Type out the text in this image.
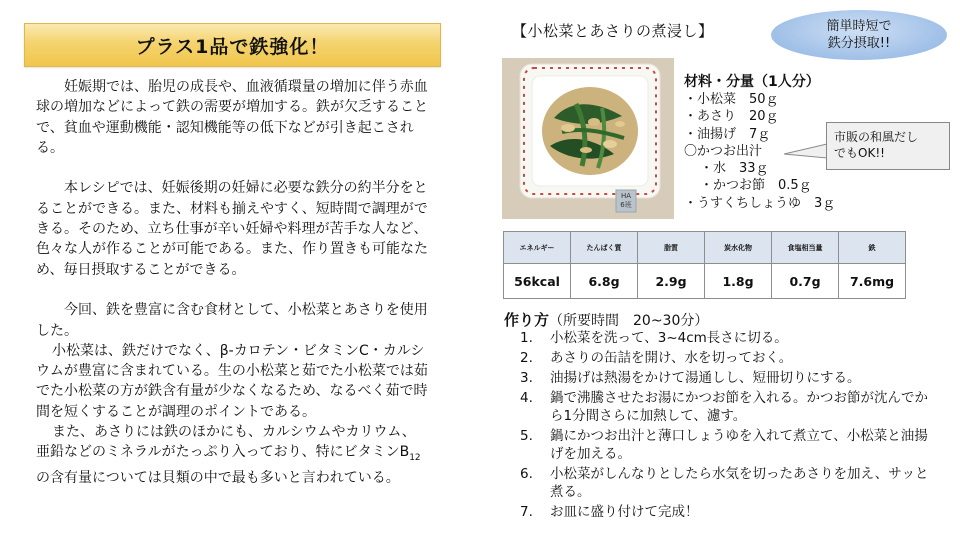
プラス1品で鉄強化！

妊娠期では、胎児の成長や、血液循環量の増加に伴う赤血球の増加などによって鉄の需要が増加する。鉄が欠乏することで、貧血や運動機能・認知機能等の低下などが引き起こされる。

本レシピでは、妊娠後期の妊婦に必要な鉄分の約半分をとることができる。また、材料も揃えやすく、短時間で調理ができる。そのため、立ち仕事が辛い妊婦や料理が苦手な人など、色々な人が作ることが可能である。また、作り置きも可能なため、毎日摂取することができる。

今回、鉄を豊富に含む食材として、小松菜とあさりを使用した。

小松菜は、鉄だけでなく、β-カロテン・ビタミンC・カルシウムが豊富に含まれている。生の小松菜と茹でた小松菜では茹でた小松菜の方が鉄含有量が少なくなるため、なるべく茹で時間を短くすることが調理のポイントである。

また、あさりには鉄のほかにも、カルシウムやカリウム、亜鉛などのミネラルがたっぷり入っており、特にビタミン$B_{12}$の含有量については貝類の中で最も多いと言われている。

【小松菜とあさりの煮浸し】	簡単時短で
鉄分摂取!!
HA
6班
材料・分量（1人分）
・小松菜　50ｇ
・あさり　20ｇ
・油揚げ　7ｇ
〇かつお出汁
・水　33ｇ
・かつお節　0.5ｇ
・うすくちしょうゆ　3ｇ
市販の和風だし
でもOK!!
エネルギー	たんぱく質	脂質	炭水化物	食塩相当量	鉄
56kcal	6.8g	2.9g	1.8g	0.7g	7.6mg
作り方（所要時間　20~30分）
1.	小松菜を洗って、3~4cm長さに切る。
2.	あさりの缶詰を開け、水を切っておく。
3.	油揚げは熱湯をかけて湯通しし、短冊切りにする。
4.	鍋で沸騰させたお湯にかつお節を入れる。かつお節が沈んでから1分間さらに加熱して、濾す。
5.	鍋にかつお出汁と薄口しょうゆを入れて煮立て、小松菜と油揚げを加える。
6.	小松菜がしんなりとしたら水気を切ったあさりを加え、サッと煮る。
7.	お皿に盛り付けて完成！
